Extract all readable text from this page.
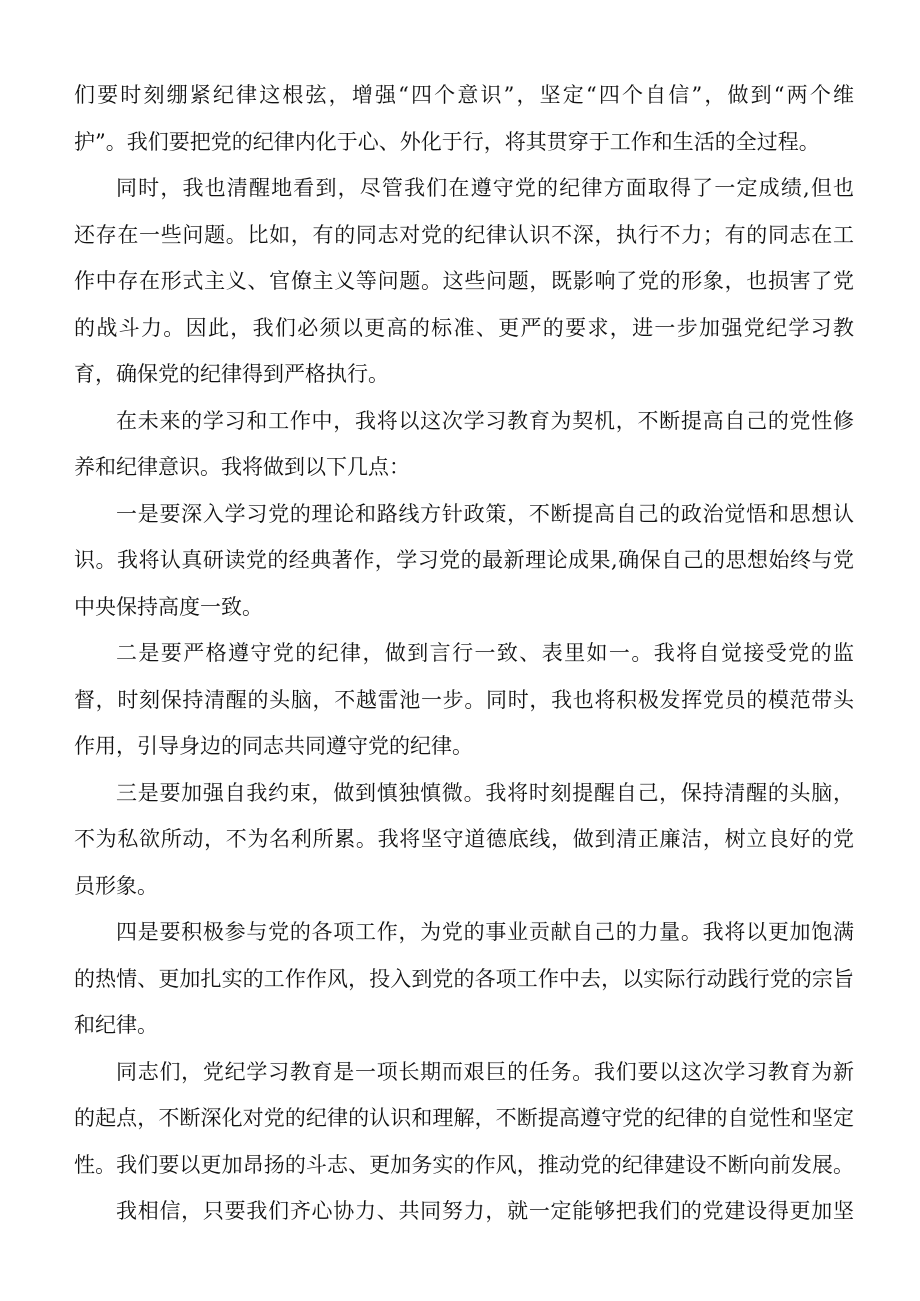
们要时刻绷紧纪律这根弦，增强“四个意识”，坚定“四个自信”，做到“两个维
护”。我们要把党的纪律内化于心、外化于行，将其贯穿于工作和生活的全过程。
同时，我也清醒地看到，尽管我们在遵守党的纪律方面取得了一定成绩,但也
还存在一些问题。比如，有的同志对党的纪律认识不深，执行不力；有的同志在工
作中存在形式主义、官僚主义等问题。这些问题，既影响了党的形象，也损害了党
的战斗力。因此，我们必须以更高的标准、更严的要求，进一步加强党纪学习教
育，确保党的纪律得到严格执行。
在未来的学习和工作中，我将以这次学习教育为契机，不断提高自己的党性修
养和纪律意识。我将做到以下几点：
一是要深入学习党的理论和路线方针政策，不断提高自己的政治觉悟和思想认
识。我将认真研读党的经典著作，学习党的最新理论成果,确保自己的思想始终与党
中央保持高度一致。
二是要严格遵守党的纪律，做到言行一致、表里如一。我将自觉接受党的监
督，时刻保持清醒的头脑，不越雷池一步。同时，我也将积极发挥党员的模范带头
作用，引导身边的同志共同遵守党的纪律。
三是要加强自我约束，做到慎独慎微。我将时刻提醒自己，保持清醒的头脑，
不为私欲所动，不为名利所累。我将坚守道德底线，做到清正廉洁，树立良好的党
员形象。
四是要积极参与党的各项工作，为党的事业贡献自己的力量。我将以更加饱满
的热情、更加扎实的工作作风，投入到党的各项工作中去，以实际行动践行党的宗旨
和纪律。
同志们，党纪学习教育是一项长期而艰巨的任务。我们要以这次学习教育为新
的起点，不断深化对党的纪律的认识和理解，不断提高遵守党的纪律的自觉性和坚定
性。我们要以更加昂扬的斗志、更加务实的作风，推动党的纪律建设不断向前发展。
我相信，只要我们齐心协力、共同努力，就一定能够把我们的党建设得更加坚
